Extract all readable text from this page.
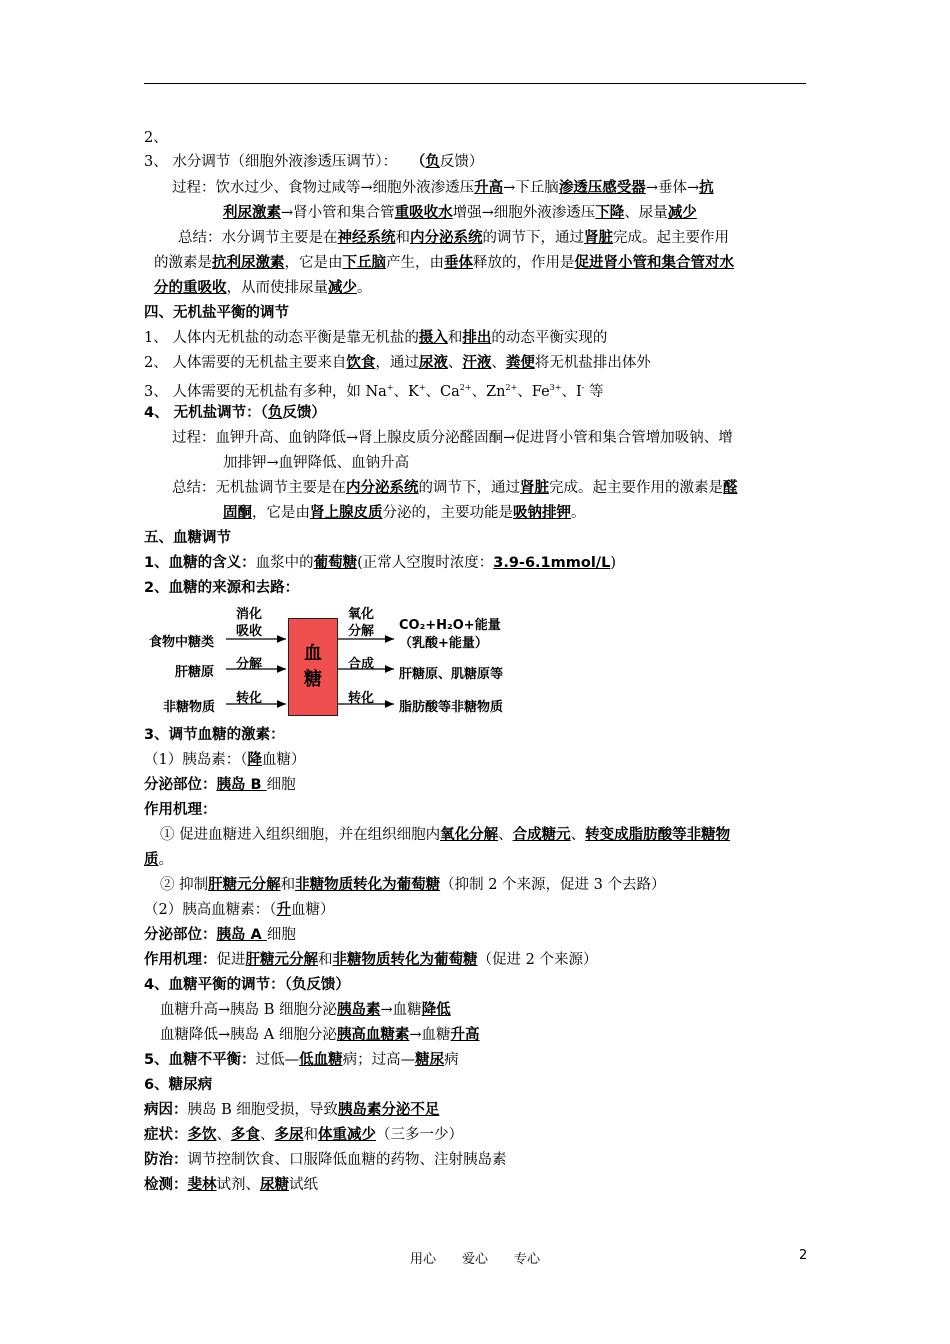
2、
3、 水分调节（细胞外液渗透压调节）： （负反馈）
过程：饮水过少、食物过咸等→细胞外液渗透压升高→下丘脑渗透压感受器→垂体→抗
利尿激素→肾小管和集合管重吸收水增强→细胞外液渗透压下降、尿量减少
总结：水分调节主要是在神经系统和内分泌系统的调节下，通过肾脏完成。起主要作用
的激素是抗利尿激素，它是由下丘脑产生，由垂体释放的，作用是促进肾小管和集合管对水
分的重吸收，从而使排尿量减少。
四、无机盐平衡的调节
1、 人体内无机盐的动态平衡是靠无机盐的摄入和排出的动态平衡实现的
2、 人体需要的无机盐主要来自饮食，通过尿液、汗液、粪便将无机盐排出体外
3、 人体需要的无机盐有多种，如 Na+、K+、$Ca^{2+}$、$Zn^{2+}$、$Fe^{3+}$、I- 等
4、 无机盐调节：（负反馈）
过程：血钾升高、血钠降低→肾上腺皮质分泌醛固酮→促进肾小管和集合管增加吸钠、增
加排钾→血钾降低、血钠升高
总结：无机盐调节主要是在内分泌系统的调节下，通过肾脏完成。起主要作用的激素是醛
固酮，它是由肾上腺皮质分泌的，主要功能是吸钠排钾。
五、血糖调节
1、血糖的含义：血浆中的葡萄糖(正常人空腹时浓度：3.9-6.1mmol/L)
2、血糖的来源和去路：
食物中糖类
肝糖原
非糖物质
消化
吸收
分解
转化
血
糖
氧化
分解
合成
转化
CO₂+H₂O+能量
（乳酸+能量）
肝糖原、肌糖原等
脂肪酸等非糖物质
3、调节血糖的激素：
（1）胰岛素：（降血糖）
分泌部位：胰岛 B 细胞
作用机理：
① 促进血糖进入组织细胞，并在组织细胞内氧化分解、合成糖元、转变成脂肪酸等非糖物
质。
② 抑制肝糖元分解和非糖物质转化为葡萄糖（抑制 2 个来源，促进 3 个去路）
（2）胰高血糖素：（升血糖）
分泌部位：胰岛 A 细胞
作用机理：促进肝糖元分解和非糖物质转化为葡萄糖（促进 2 个来源）
4、血糖平衡的调节：（负反馈）
血糖升高→胰岛 B 细胞分泌胰岛素→血糖降低
血糖降低→胰岛 A 细胞分泌胰高血糖素→血糖升高
5、血糖不平衡：过低—低血糖病；过高—糖尿病
6、糖尿病
病因：胰岛 B 细胞受损，导致胰岛素分泌不足
症状：多饮、多食、多尿和体重减少（三多一少）
防治：调节控制饮食、口服降低血糖的药物、注射胰岛素
检测：斐林试剂、尿糖试纸
用心　　爱心　　专心	2
